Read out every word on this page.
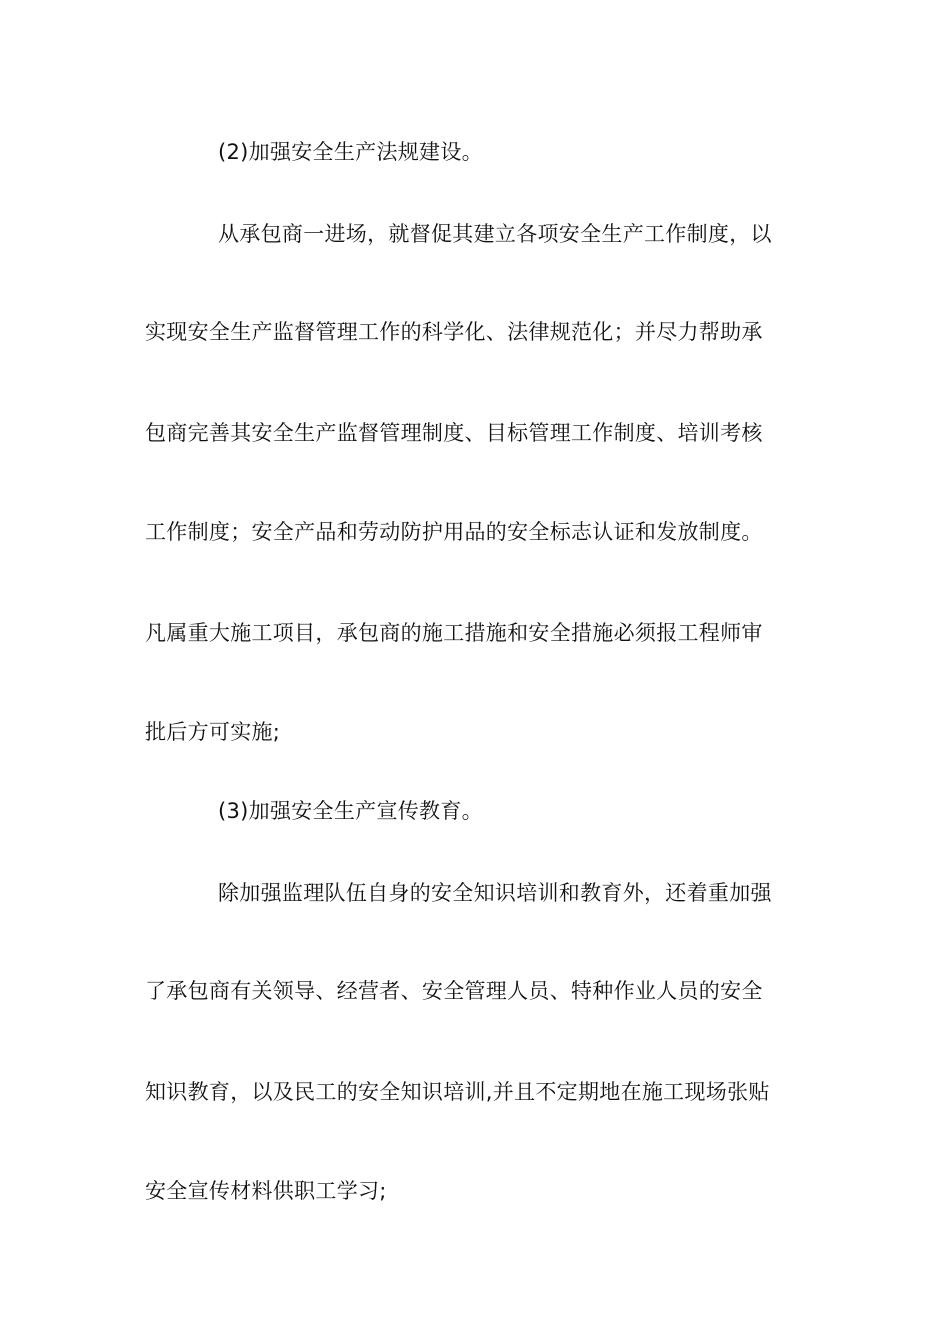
(2)加强安全生产法规建设。
从承包商一进场，就督促其建立各项安全生产工作制度，以
实现安全生产监督管理工作的科学化、法律规范化；并尽力帮助承
包商完善其安全生产监督管理制度、目标管理工作制度、培训考核
工作制度；安全产品和劳动防护用品的安全标志认证和发放制度。
凡属重大施工项目，承包商的施工措施和安全措施必须报工程师审
批后方可实施;
(3)加强安全生产宣传教育。
除加强监理队伍自身的安全知识培训和教育外，还着重加强
了承包商有关领导、经营者、安全管理人员、特种作业人员的安全
知识教育，以及民工的安全知识培训,并且不定期地在施工现场张贴
安全宣传材料供职工学习;
